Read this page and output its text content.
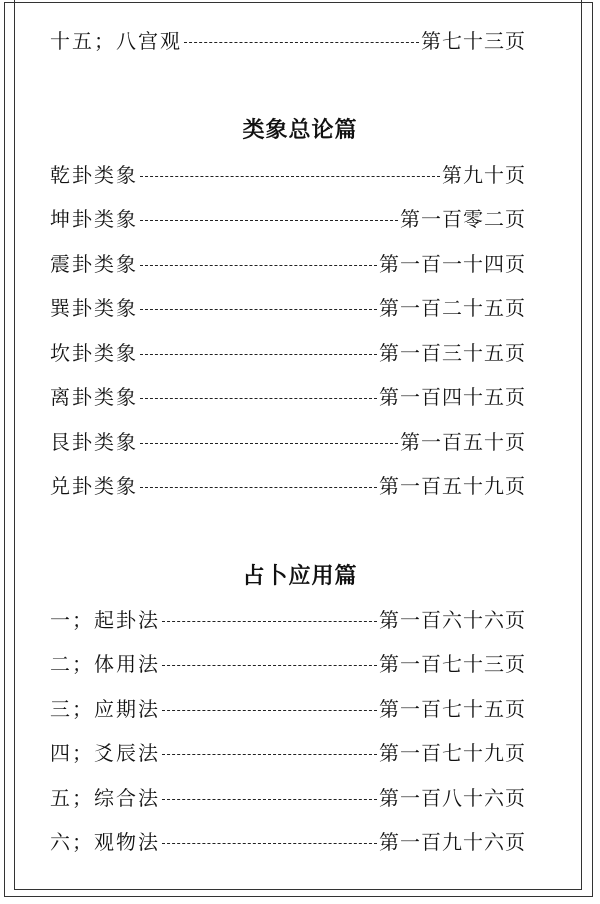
十五；八宫观	第七十三页
类象总论篇
乾卦类象	第九十页
坤卦类象	第一百零二页
震卦类象	第一百一十四页
巽卦类象	第一百二十五页
坎卦类象	第一百三十五页
离卦类象	第一百四十五页
艮卦类象	第一百五十页
兑卦类象	第一百五十九页
占卜应用篇
一；起卦法	第一百六十六页
二；体用法	第一百七十三页
三；应期法	第一百七十五页
四；爻辰法	第一百七十九页
五；综合法	第一百八十六页
六；观物法	第一百九十六页
